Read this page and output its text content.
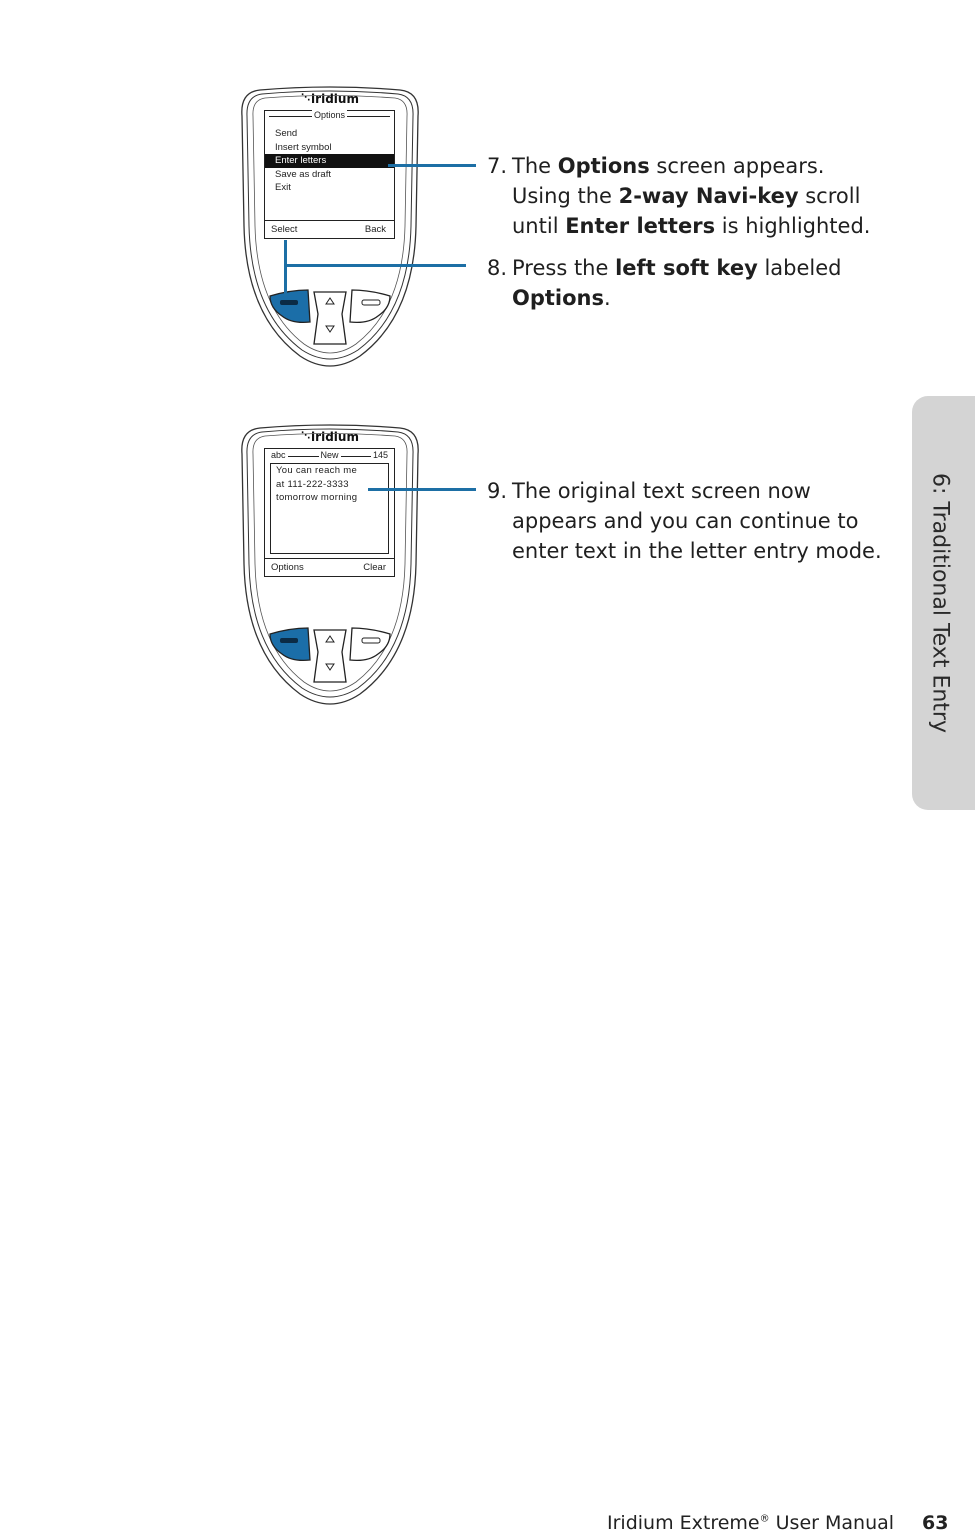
⋱iridium
Options
Send
Insert symbol
Enter letters
Save as draft
Exit
Select	Back
⋱iridium
abc	New	145

You can reach me

at 111-222-3333

tomorrow morning

Options	Clear
7. The Options screen appears. Using the 2-way Navi-key scroll until Enter letters is highlighted.
8. Press the left soft key labeled Options.
9. The original text screen now appears and you can continue to enter text in the letter entry mode. 6: Traditional Text Entry
Iridium Extreme® User Manual 63
